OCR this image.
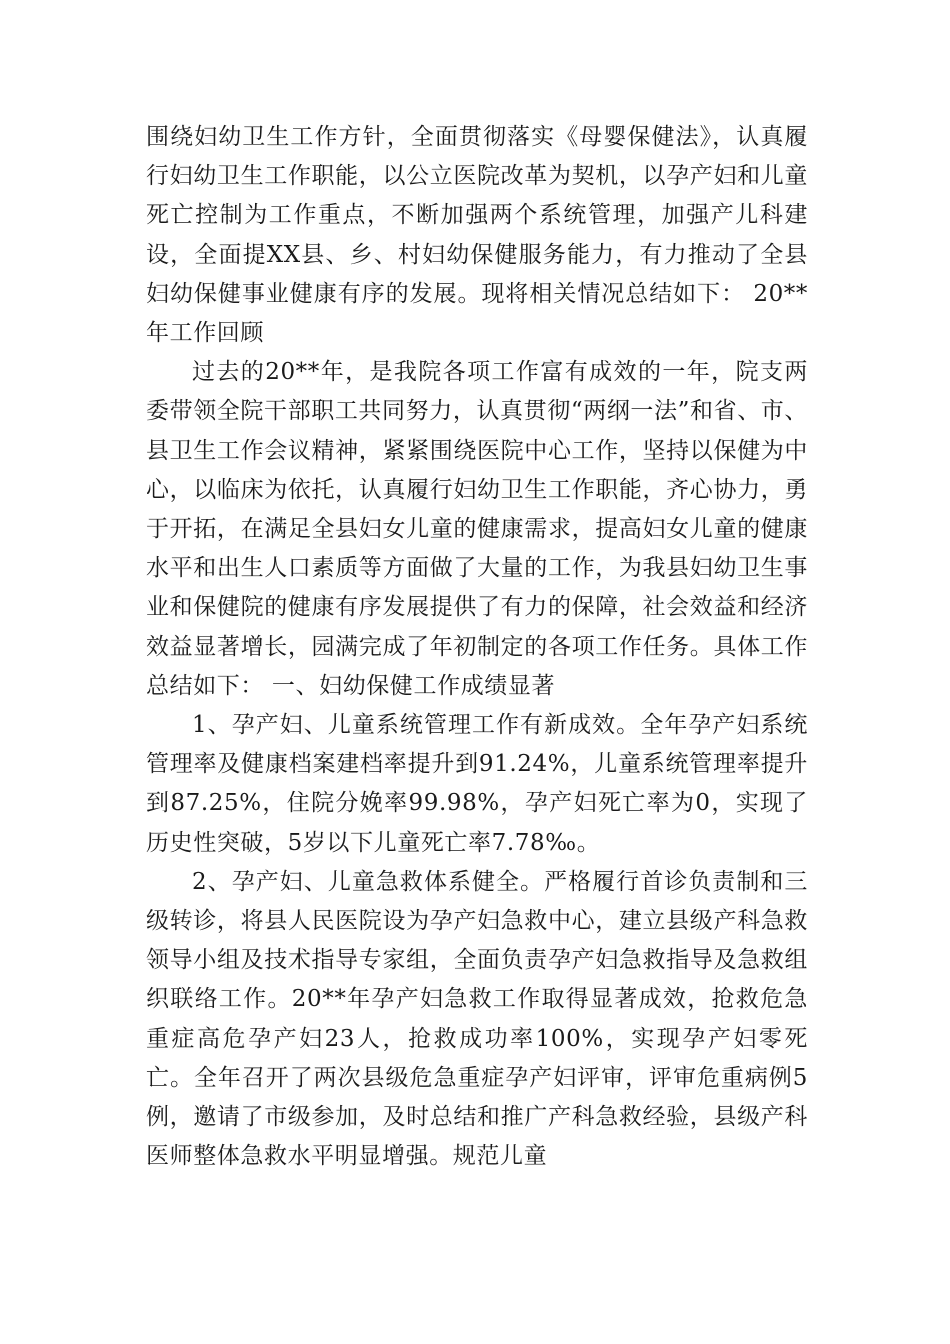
围绕妇幼卫生工作方针，全面贯彻落实《母婴保健法》，认真履行妇幼卫生工作职能，以公立医院改革为契机，以孕产妇和儿童死亡控制为工作重点，不断加强两个系统管理，加强产儿科建设，全面提XX县、乡、村妇幼保健服务能力，有力推动了全县妇幼保健事业健康有序的发展。现将相关情况总结如下： 20**年工作回顾

过去的20**年，是我院各项工作富有成效的一年，院支两委带领全院干部职工共同努力，认真贯彻“两纲一法”和省、市、县卫生工作会议精神，紧紧围绕医院中心工作，坚持以保健为中心，以临床为依托，认真履行妇幼卫生工作职能，齐心协力，勇于开拓，在满足全县妇女儿童的健康需求，提高妇女儿童的健康水平和出生人口素质等方面做了大量的工作，为我县妇幼卫生事业和保健院的健康有序发展提供了有力的保障，社会效益和经济效益显著增长，园满完成了年初制定的各项工作任务。具体工作总结如下： 一、妇幼保健工作成绩显著

1、孕产妇、儿童系统管理工作有新成效。全年孕产妇系统管理率及健康档案建档率提升到91.24%，儿童系统管理率提升到87.25%，住院分娩率99.98%，孕产妇死亡率为0，实现了历史性突破，5岁以下儿童死亡率7.78‰。

2、孕产妇、儿童急救体系健全。严格履行首诊负责制和三级转诊，将县人民医院设为孕产妇急救中心，建立县级产科急救领导小组及技术指导专家组，全面负责孕产妇急救指导及急救组织联络工作。20**年孕产妇急救工作取得显著成效，抢救危急重症高危孕产妇23人，抢救成功率100%，实现孕产妇零死亡。全年召开了两次县级危急重症孕产妇评审，评审危重病例5例，邀请了市级参加，及时总结和推广产科急救经验，县级产科医师整体急救水平明显增强。规范儿童
